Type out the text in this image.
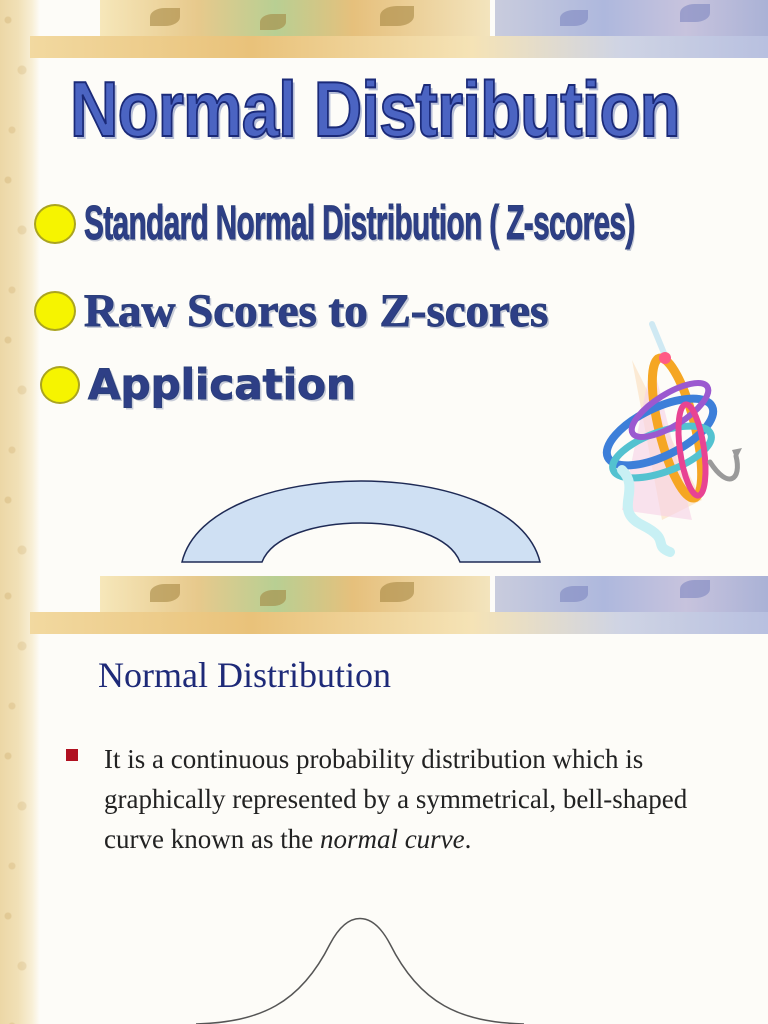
Normal Distribution
Standard Normal Distribution ( Z-scores)
Raw Scores to Z-scores
Application
Normal Distribution
It is a continuous probability distribution which is graphically represented by a symmetrical, bell-shaped curve known as the normal curve.
